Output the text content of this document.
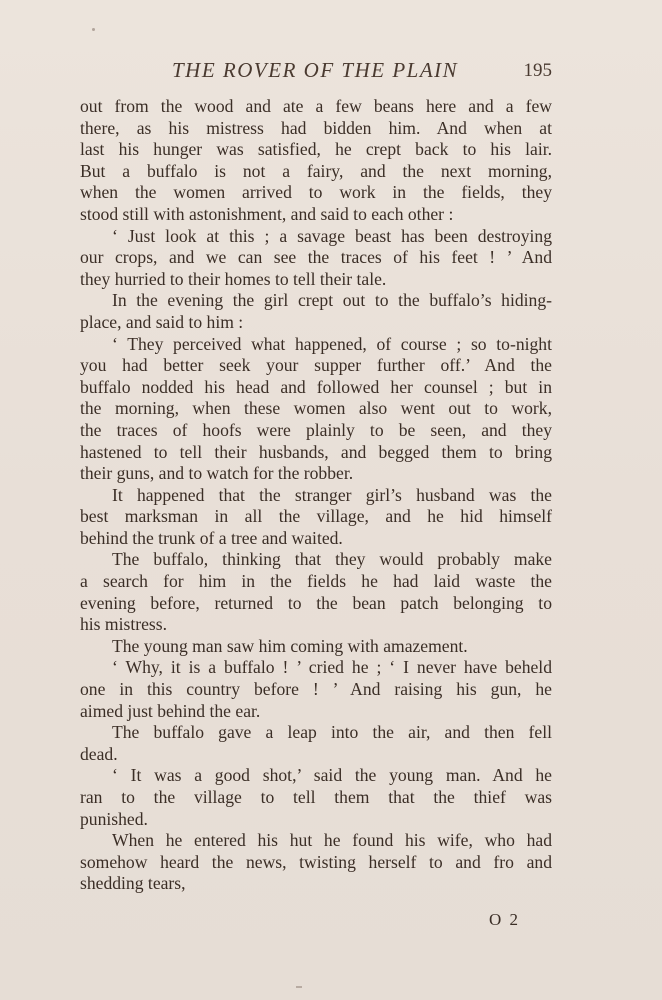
THE ROVER OF THE PLAIN	195
out from the wood and ate a few beans here and a few
there, as his mistress had bidden him. And when at
last his hunger was satisfied, he crept back to his lair.
But a buffalo is not a fairy, and the next morning,
when the women arrived to work in the fields, they
stood still with astonishment, and said to each other :
‘ Just look at this ; a savage beast has been destroying
our crops, and we can see the traces of his feet ! ’ And
they hurried to their homes to tell their tale.
In the evening the girl crept out to the buffalo’s hiding-
place, and said to him :
‘ They perceived what happened, of course ; so to-night
you had better seek your supper further off.’ And the
buffalo nodded his head and followed her counsel ; but in
the morning, when these women also went out to work,
the traces of hoofs were plainly to be seen, and they
hastened to tell their husbands, and begged them to bring
their guns, and to watch for the robber.
It happened that the stranger girl’s husband was the
best marksman in all the village, and he hid himself
behind the trunk of a tree and waited.
The buffalo, thinking that they would probably make
a search for him in the fields he had laid waste the
evening before, returned to the bean patch belonging to
his mistress.
The young man saw him coming with amazement.
‘ Why, it is a buffalo ! ’ cried he ; ‘ I never have beheld
one in this country before ! ’ And raising his gun, he
aimed just behind the ear.
The buffalo gave a leap into the air, and then fell
dead.
‘ It was a good shot,’ said the young man. And he
ran to the village to tell them that the thief was
punished.
When he entered his hut he found his wife, who had
somehow heard the news, twisting herself to and fro and
shedding tears,
O 2
